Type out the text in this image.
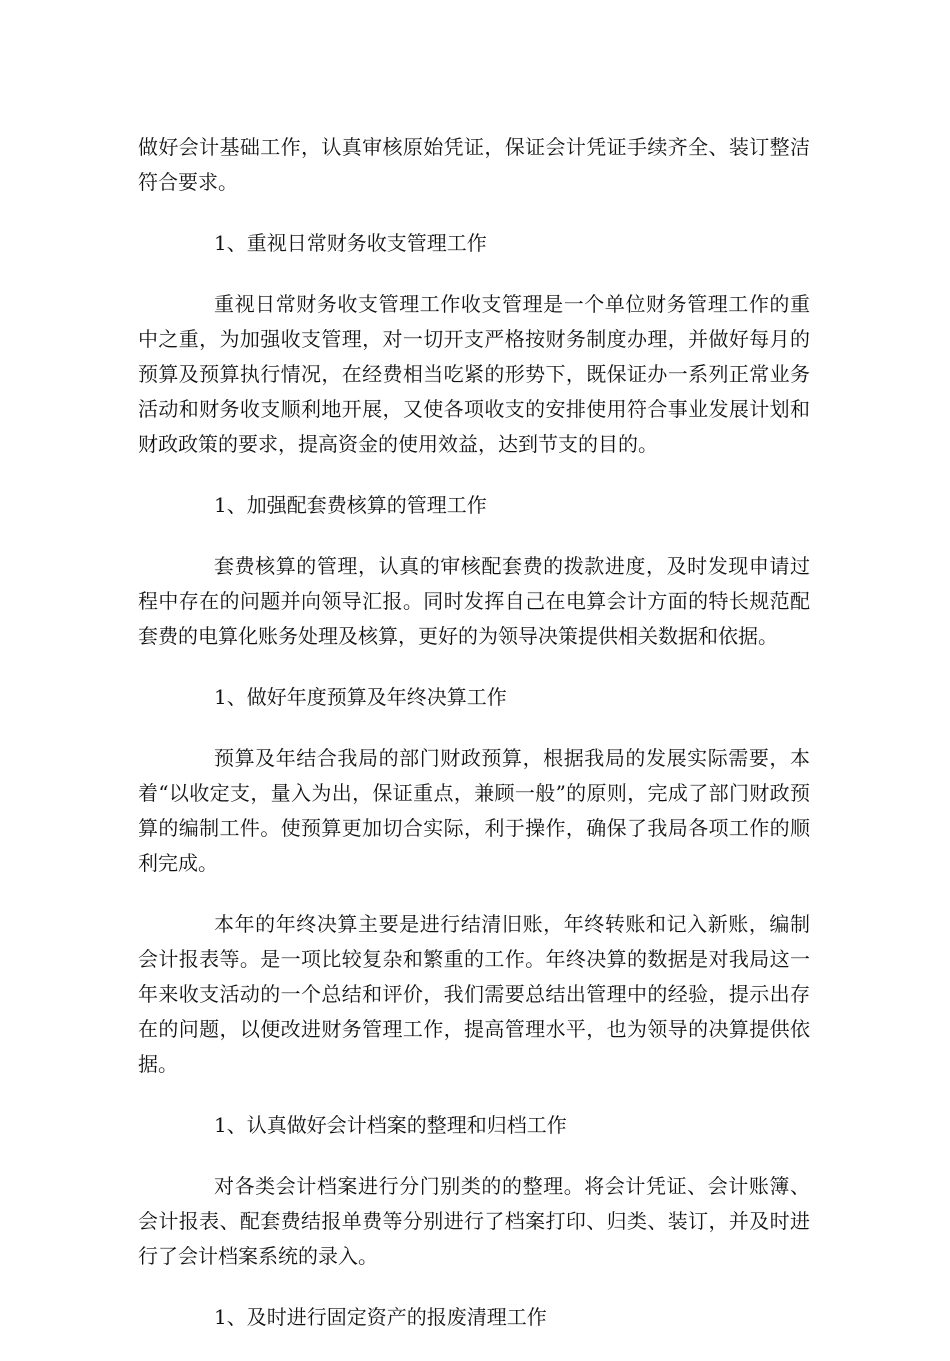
做好会计基础工作，认真审核原始凭证，保证会计凭证手续齐全、装订整洁符合要求。

1、重视日常财务收支管理工作

重视日常财务收支管理工作收支管理是一个单位财务管理工作的重中之重，为加强收支管理，对一切开支严格按财务制度办理，并做好每月的预算及预算执行情况，在经费相当吃紧的形势下，既保证办一系列正常业务活动和财务收支顺利地开展，又使各项收支的安排使用符合事业发展计划和财政政策的要求，提高资金的使用效益，达到节支的目的。

1、加强配套费核算的管理工作

套费核算的管理，认真的审核配套费的拨款进度，及时发现申请过程中存在的问题并向领导汇报。同时发挥自己在电算会计方面的特长规范配套费的电算化账务处理及核算，更好的为领导决策提供相关数据和依据。

1、做好年度预算及年终决算工作

预算及年结合我局的部门财政预算，根据我局的发展实际需要，本着“以收定支，量入为出，保证重点，兼顾一般”的原则，完成了部门财政预算的编制工件。使预算更加切合实际，利于操作，确保了我局各项工作的顺利完成。

本年的年终决算主要是进行结清旧账，年终转账和记入新账，编制会计报表等。是一项比较复杂和繁重的工作。年终决算的数据是对我局这一年来收支活动的一个总结和评价，我们需要总结出管理中的经验，提示出存在的问题，以便改进财务管理工作，提高管理水平，也为领导的决算提供依据。

1、认真做好会计档案的整理和归档工作

对各类会计档案进行分门别类的的整理。将会计凭证、会计账簿、会计报表、配套费结报单费等分别进行了档案打印、归类、装订，并及时进行了会计档案系统的录入。

1、及时进行固定资产的报废清理工作
